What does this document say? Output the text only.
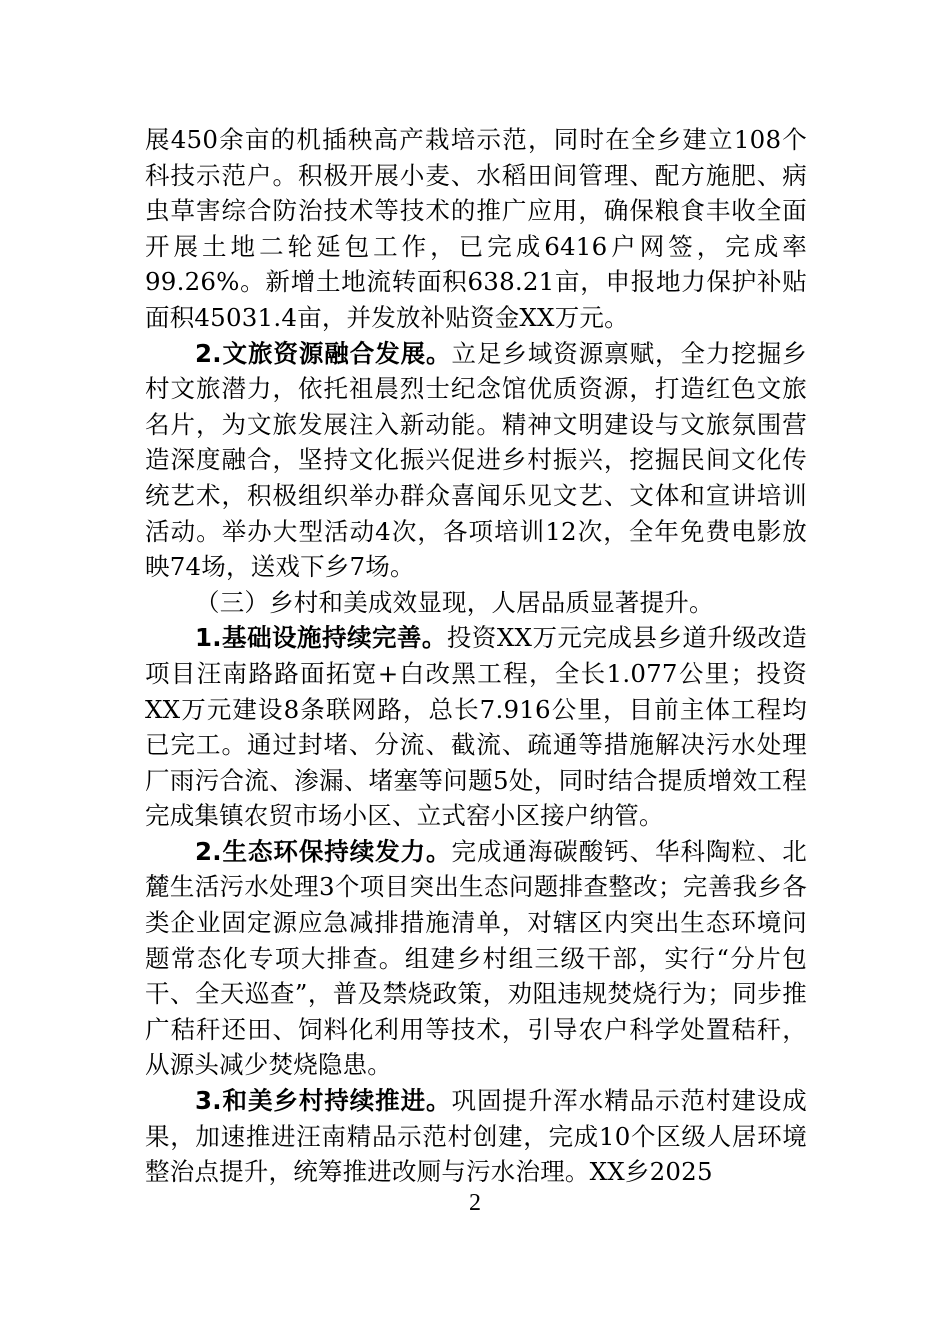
展450余亩的机插秧高产栽培示范，同时在全乡建立108个科技示范户。积极开展小麦、水稻田间管理、配方施肥、病虫草害综合防治技术等技术的推广应用，确保粮食丰收全面开展土地二轮延包工作，已完成6416户网签，完成率99.26%。新增土地流转面积638.21亩，申报地力保护补贴面积45031.4亩，并发放补贴资金XX万元。

2.文旅资源融合发展。立足乡域资源禀赋，全力挖掘乡村文旅潜力，依托祖晨烈士纪念馆优质资源，打造红色文旅名片，为文旅发展注入新动能。精神文明建设与文旅氛围营造深度融合，坚持文化振兴促进乡村振兴，挖掘民间文化传统艺术，积极组织举办群众喜闻乐见文艺、文体和宣讲培训活动。举办大型活动4次，各项培训12次，全年免费电影放映74场，送戏下乡7场。

（三）乡村和美成效显现，人居品质显著提升。

1.基础设施持续完善。投资XX万元完成县乡道升级改造项目汪南路路面拓宽+白改黑工程，全长1.077公里；投资XX万元建设8条联网路，总长7.916公里，目前主体工程均已完工。通过封堵、分流、截流、疏通等措施解决污水处理厂雨污合流、渗漏、堵塞等问题5处，同时结合提质增效工程完成集镇农贸市场小区、立式窑小区接户纳管。

2.生态环保持续发力。完成通海碳酸钙、华科陶粒、北麓生活污水处理3个项目突出生态问题排查整改；完善我乡各类企业固定源应急减排措施清单，对辖区内突出生态环境问题常态化专项大排查。组建乡村组三级干部，实行“分片包干、全天巡查”，普及禁烧政策，劝阻违规焚烧行为；同步推广秸秆还田、饲料化利用等技术，引导农户科学处置秸秆，从源头减少焚烧隐患。

3.和美乡村持续推进。巩固提升浑水精品示范村建设成果，加速推进汪南精品示范村创建，完成10个区级人居环境整治点提升，统筹推进改厕与污水治理。XX乡2025

2
